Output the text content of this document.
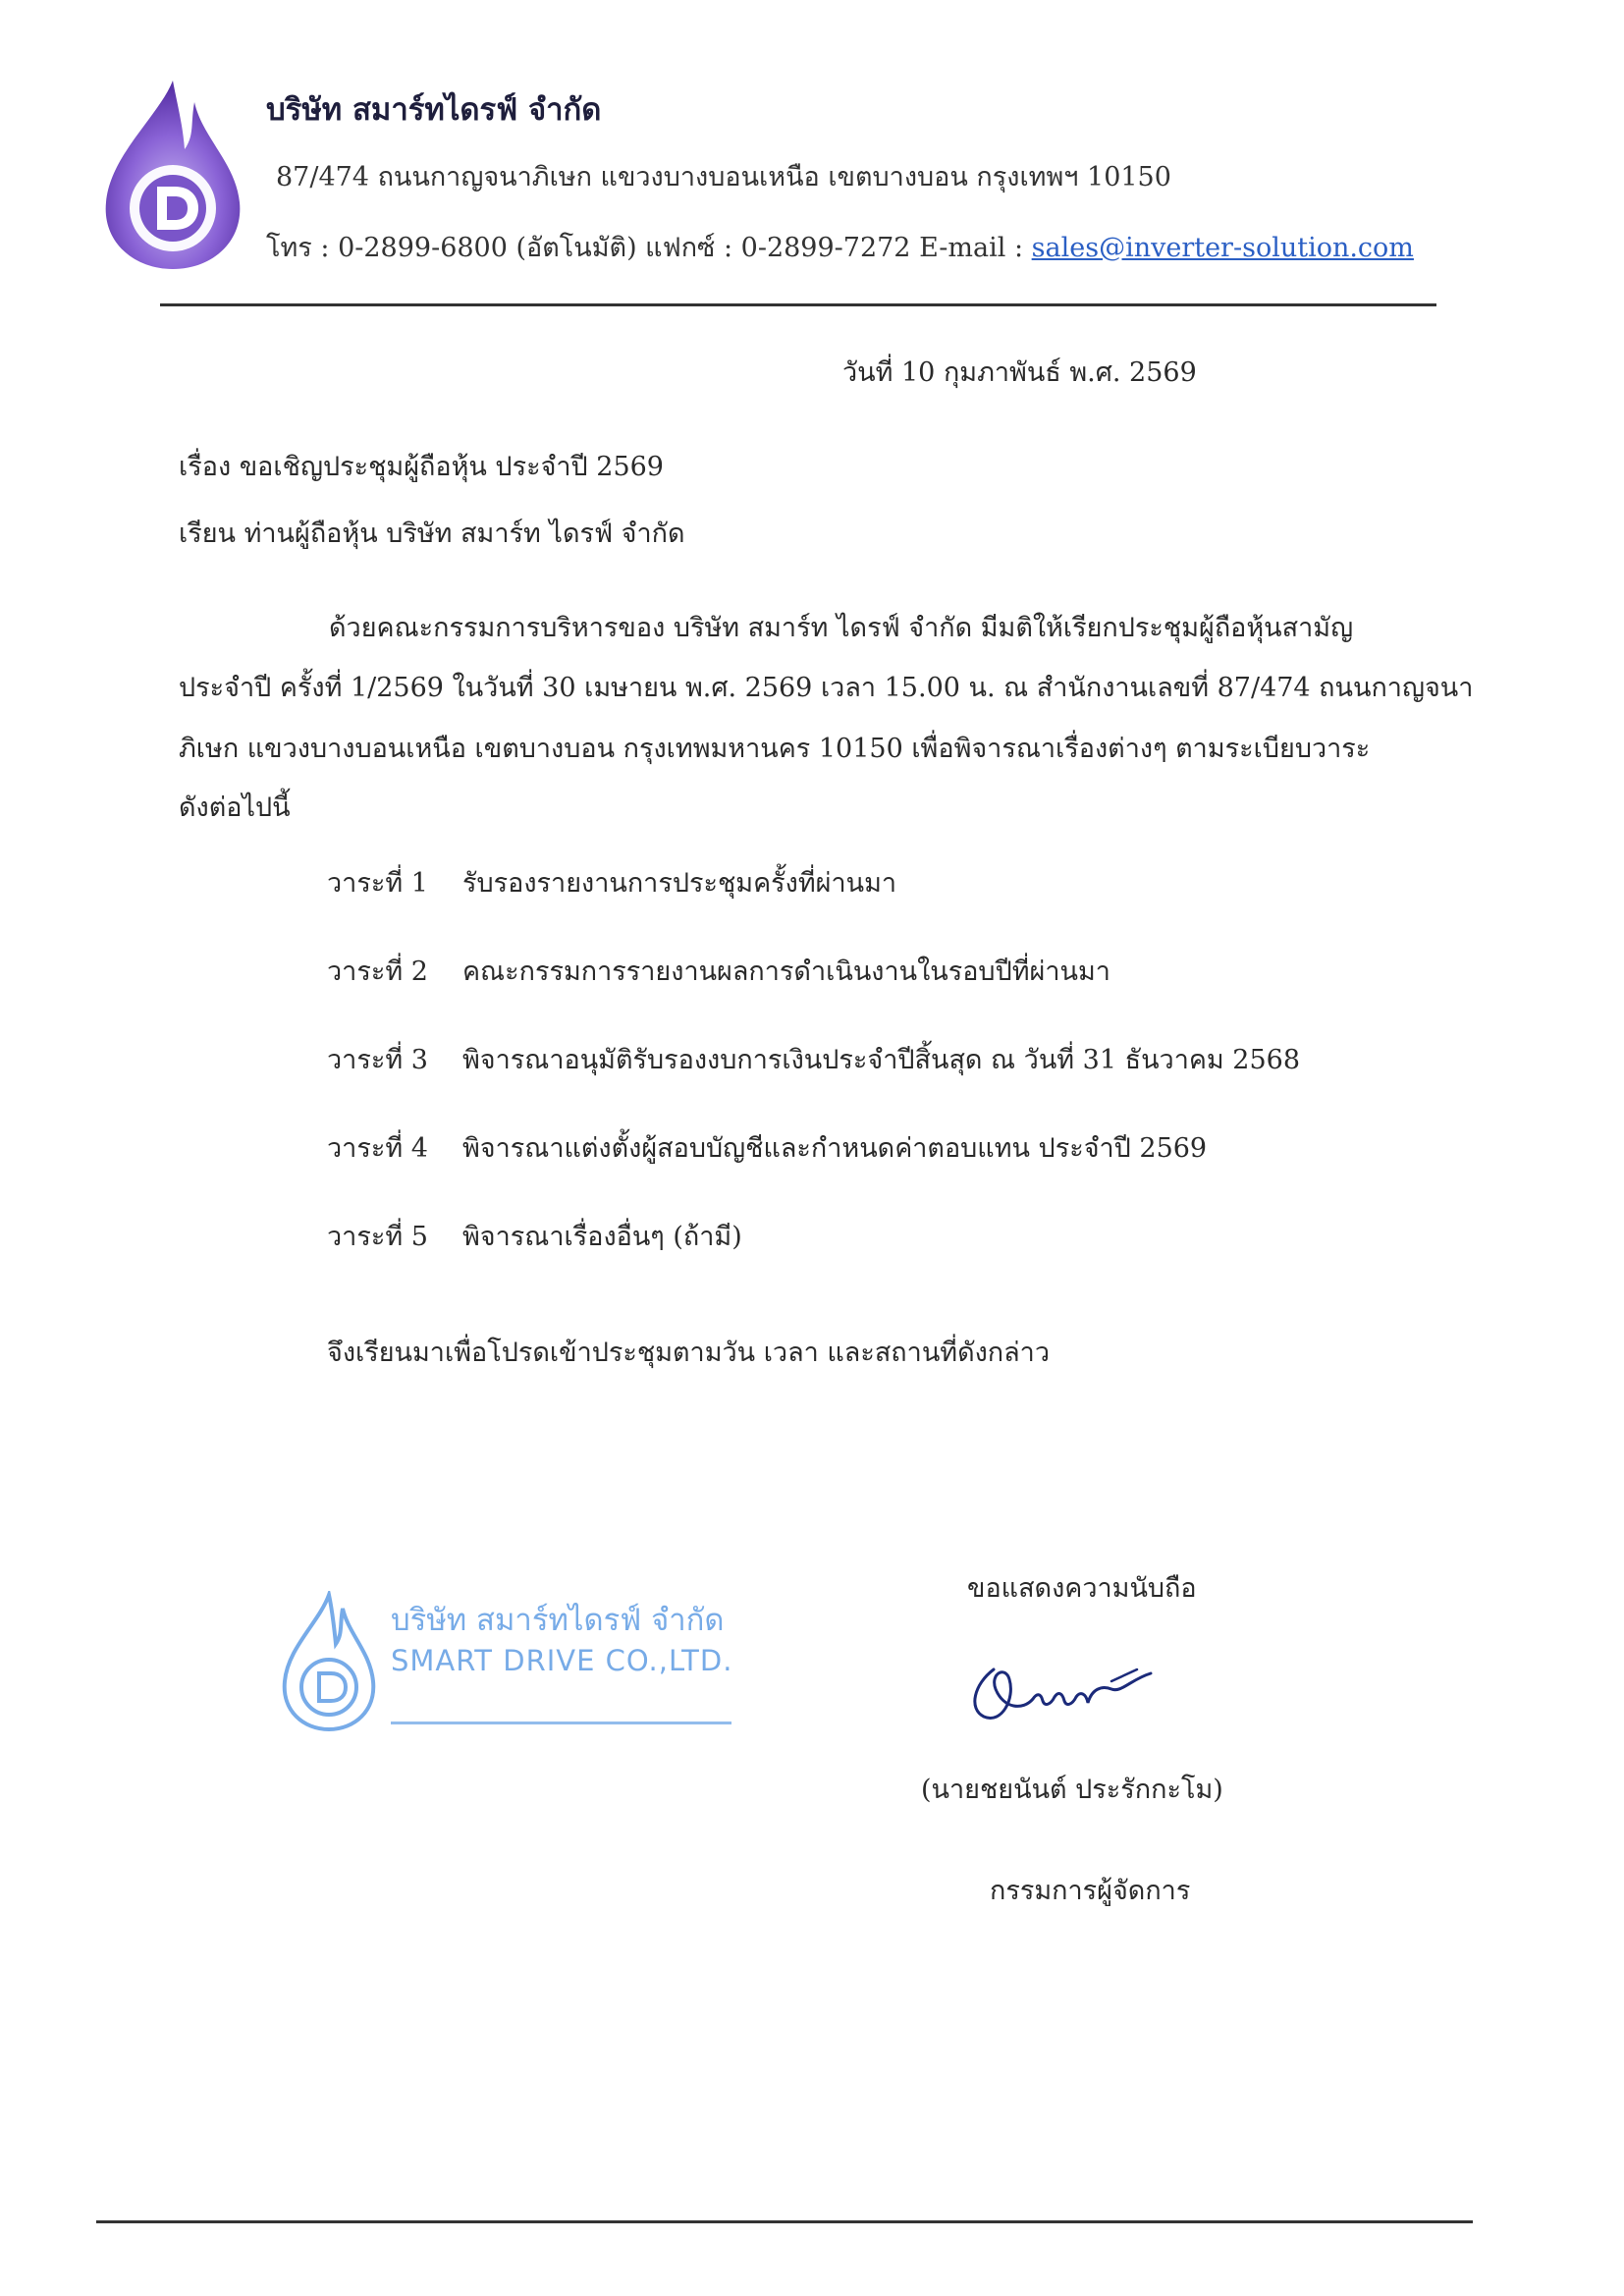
บริษัท สมาร์ทไดรฟ์ จำกัด
87/474 ถนนกาญจนาภิเษก แขวงบางบอนเหนือ เขตบางบอน กรุงเทพฯ 10150
โทร : 0-2899-6800 (อัตโนมัติ) แฟกซ์ : 0-2899-7272 E-mail : sales@inverter-solution.com
วันที่ 10 กุมภาพันธ์ พ.ศ. 2569
เรื่อง ขอเชิญประชุมผู้ถือหุ้น ประจำปี 2569
เรียน ท่านผู้ถือหุ้น บริษัท สมาร์ท ไดรฟ์ จำกัด
ด้วยคณะกรรมการบริหารของ บริษัท สมาร์ท ไดรฟ์ จำกัด มีมติให้เรียกประชุมผู้ถือหุ้นสามัญ
ประจำปี ครั้งที่ 1/2569 ในวันที่ 30 เมษายน พ.ศ. 2569 เวลา 15.00 น. ณ สำนักงานเลขที่ 87/474 ถนนกาญจนา
ภิเษก แขวงบางบอนเหนือ เขตบางบอน กรุงเทพมหานคร 10150 เพื่อพิจารณาเรื่องต่างๆ ตามระเบียบวาระ
ดังต่อไปนี้
วาระที่ 1 รับรองรายงานการประชุมครั้งที่ผ่านมา
วาระที่ 2 คณะกรรมการรายงานผลการดำเนินงานในรอบปีที่ผ่านมา
วาระที่ 3 พิจารณาอนุมัติรับรองงบการเงินประจำปีสิ้นสุด ณ วันที่ 31 ธันวาคม 2568
วาระที่ 4 พิจารณาแต่งตั้งผู้สอบบัญชีและกำหนดค่าตอบแทน ประจำปี 2569
วาระที่ 5 พิจารณาเรื่องอื่นๆ (ถ้ามี)
จึงเรียนมาเพื่อโปรดเข้าประชุมตามวัน เวลา และสถานที่ดังกล่าว
บริษัท สมาร์ทไดรฟ์ จำกัด
SMART DRIVE CO.,LTD.
ขอแสดงความนับถือ
(นายชยนันต์ ประรักกะโม)
กรรมการผู้จัดการ
